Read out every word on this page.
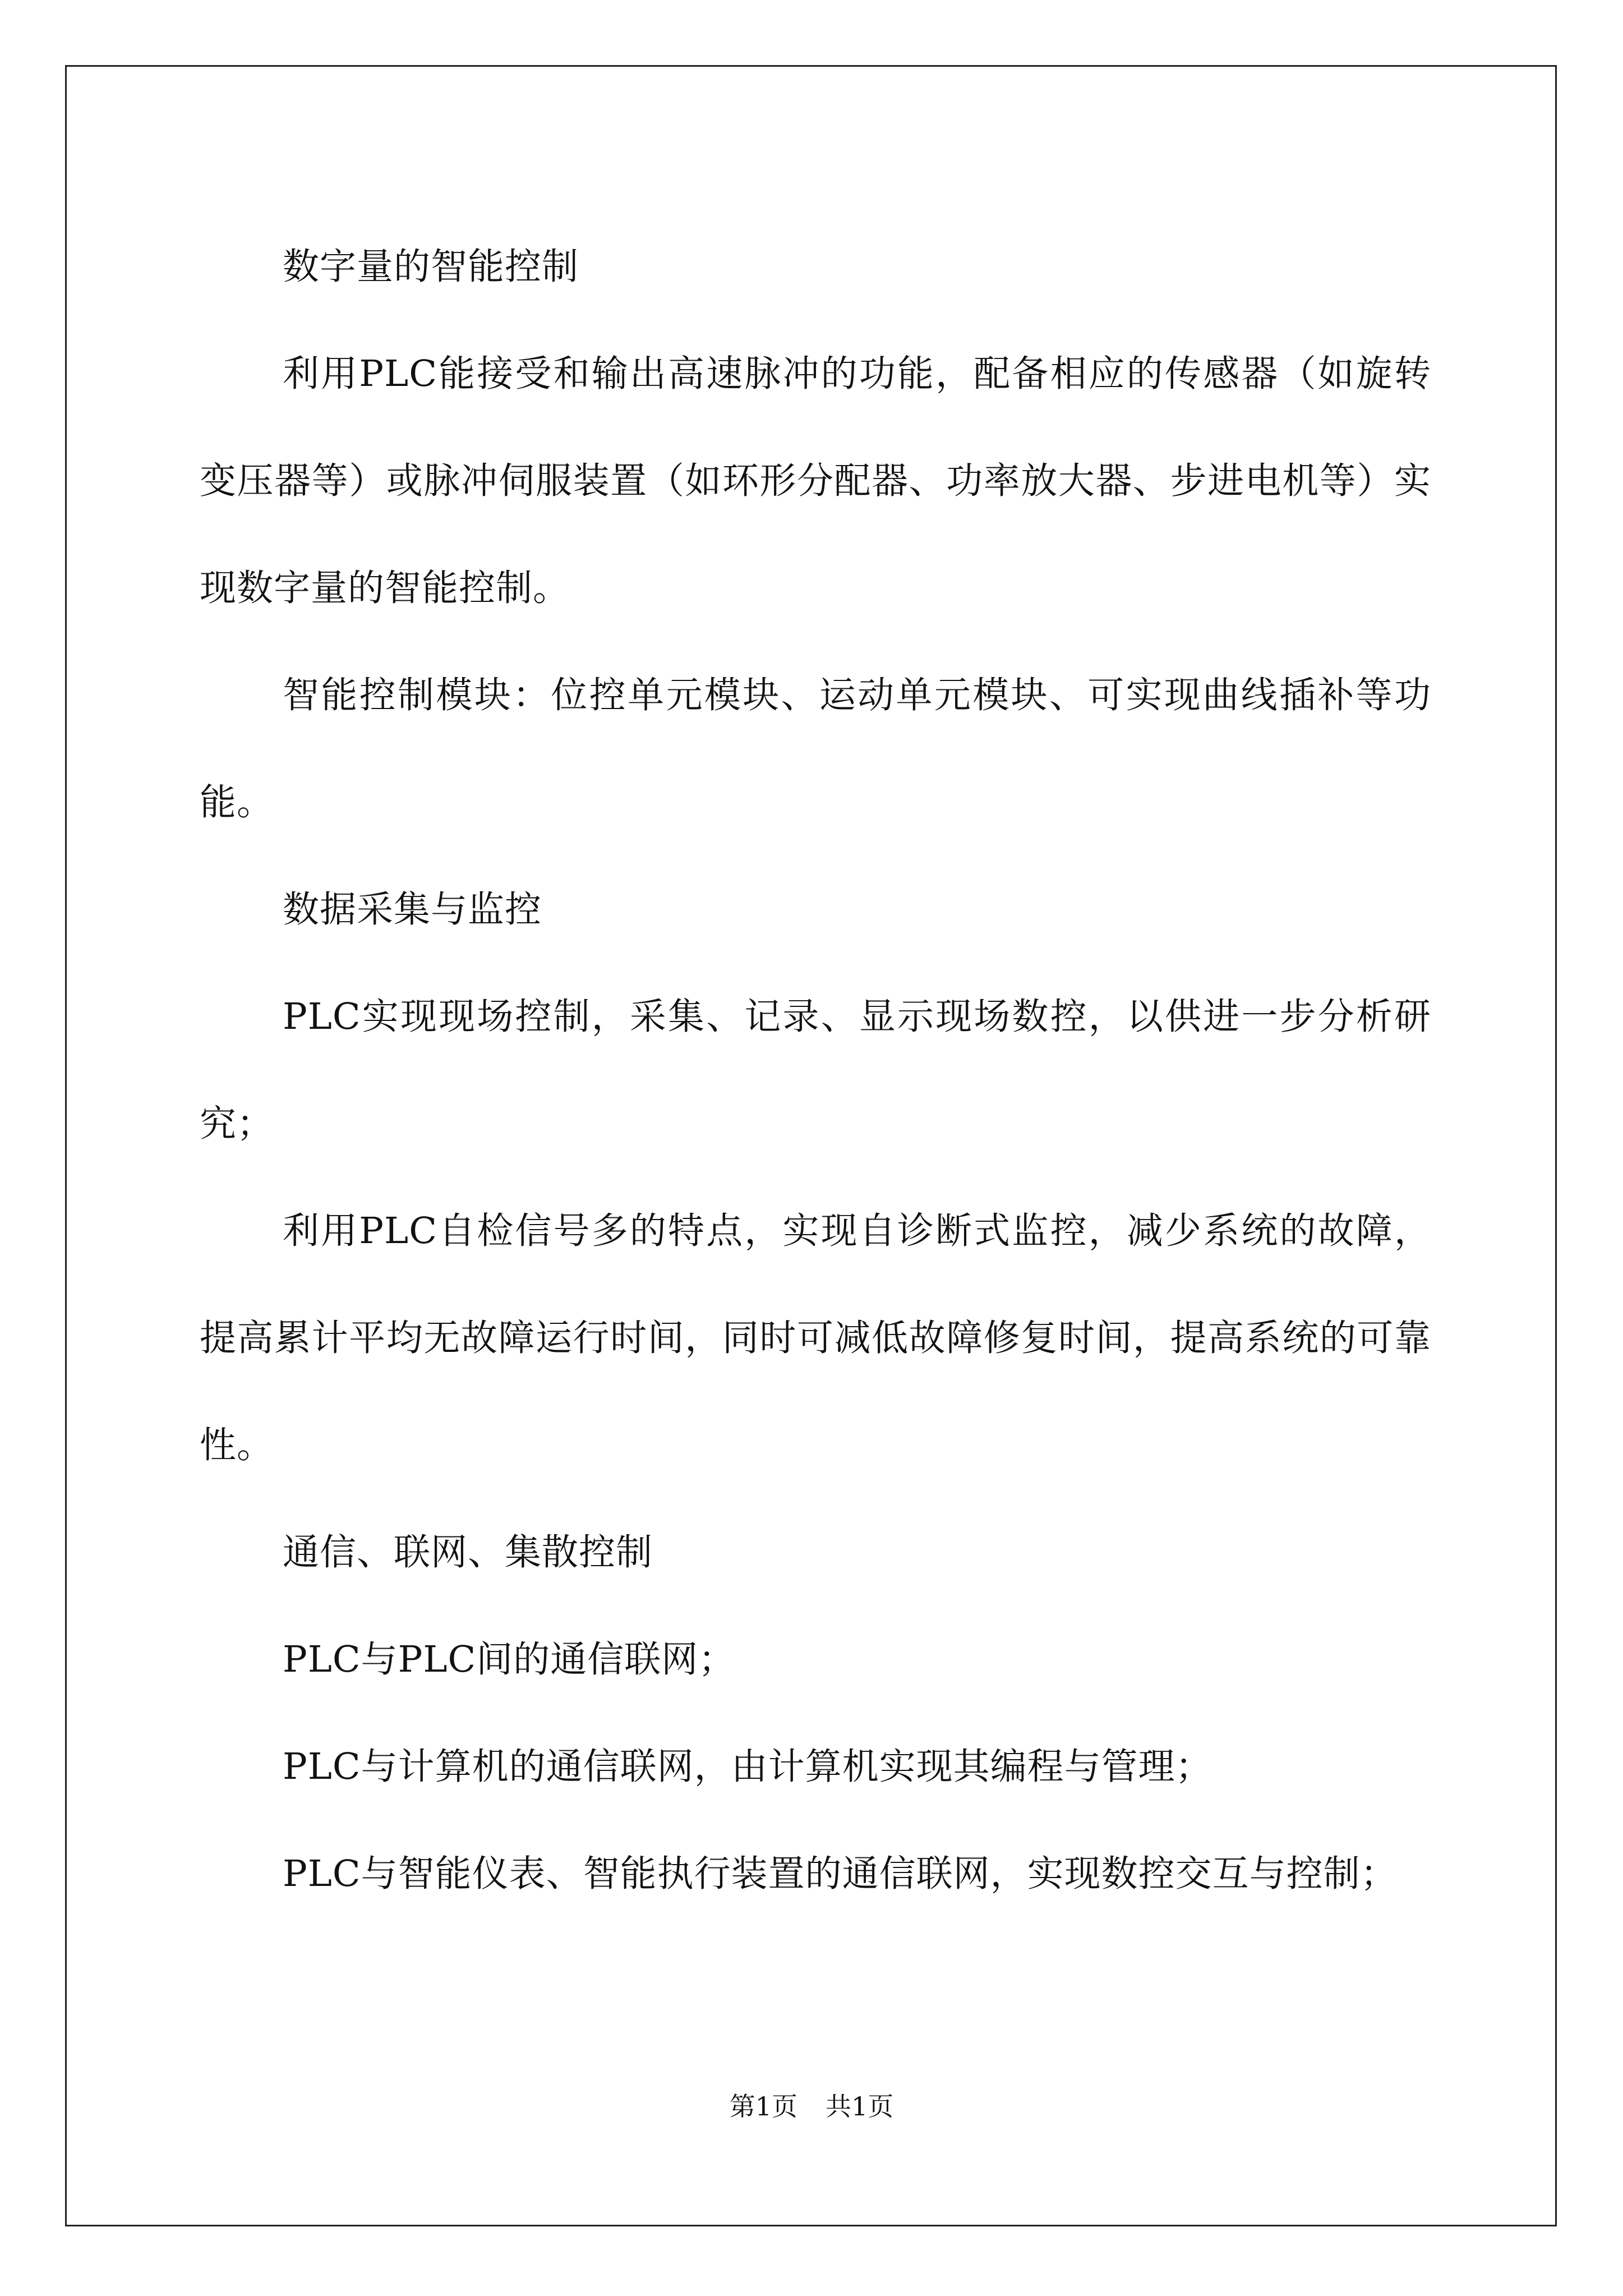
数字量的智能控制

利用PLC能接受和输出高速脉冲的功能，配备相应的传感器（如旋转变压器等）或脉冲伺服装置（如环形分配器、功率放大器、步进电机等）实现数字量的智能控制。

智能控制模块：位控单元模块、运动单元模块、可实现曲线插补等功能。

数据采集与监控

PLC实现现场控制，采集、记录、显示现场数控，以供进一步分析研究；

利用PLC自检信号多的特点，实现自诊断式监控，减少系统的故障，提高累计平均无故障运行时间，同时可减低故障修复时间，提高系统的可靠性。

通信、联网、集散控制

PLC与PLC间的通信联网；

PLC与计算机的通信联网，由计算机实现其编程与管理；

PLC与智能仪表、智能执行装置的通信联网，实现数控交互与控制；

第1页 共1页
